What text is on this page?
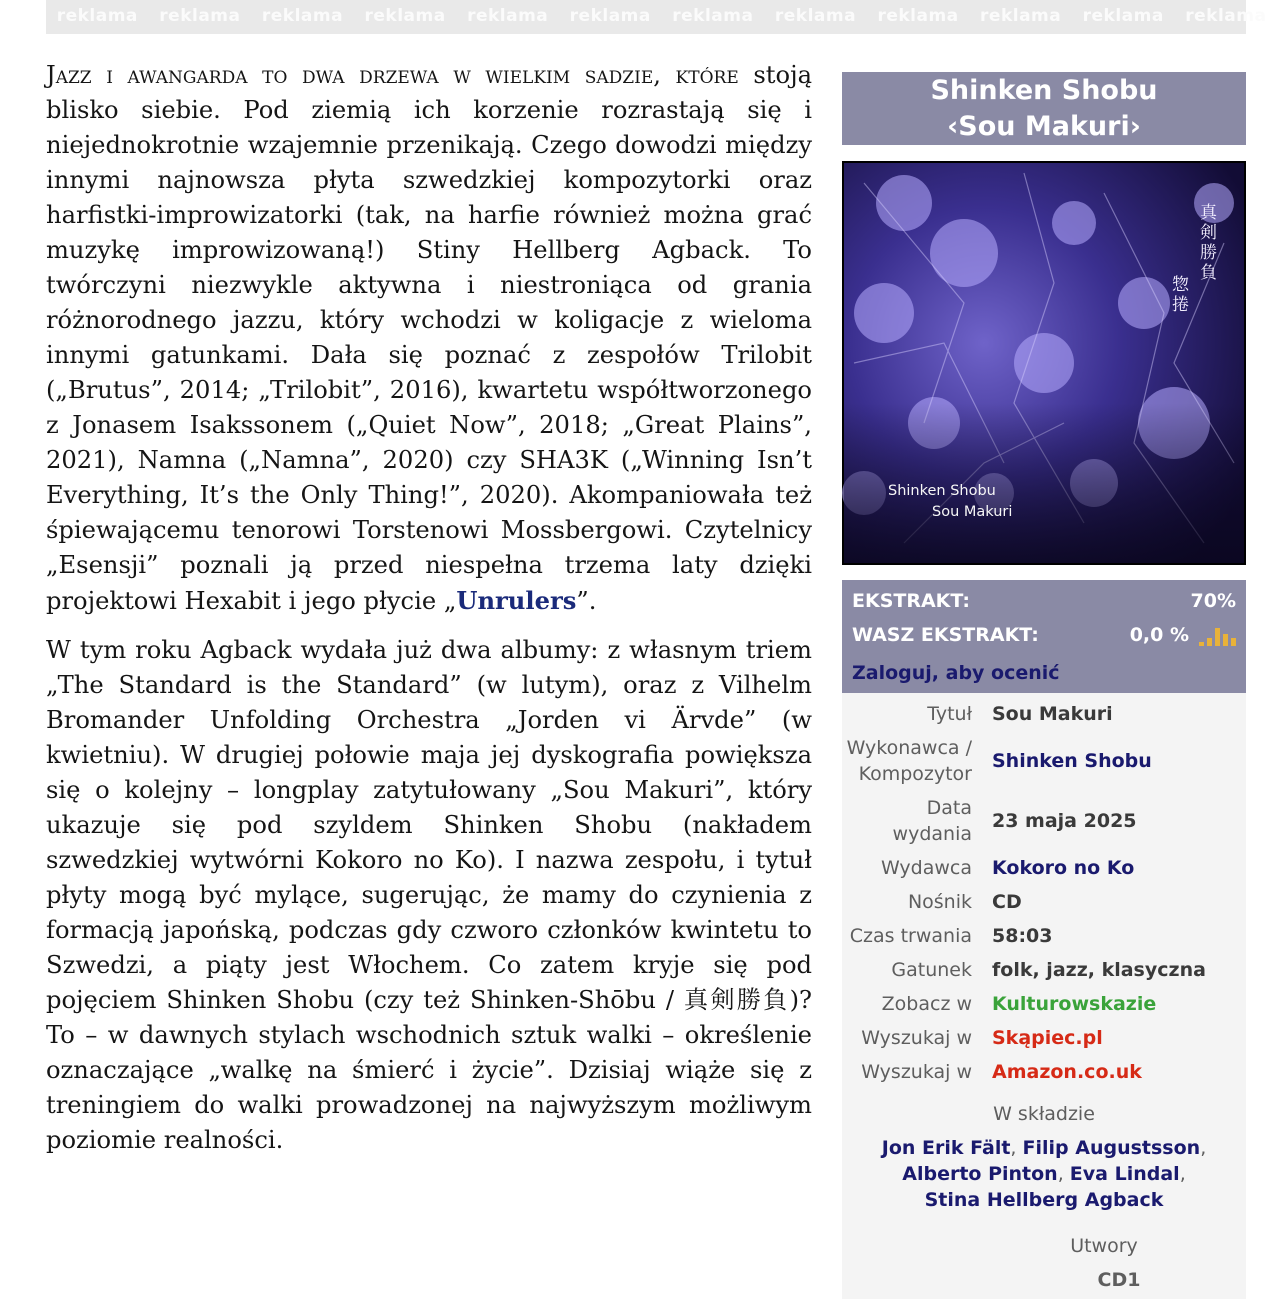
reklama reklama reklama reklama reklama reklama reklama reklama reklama reklama reklama reklama

Jazz i awangarda to dwa drzewa w wielkim sadzie, które stoją blisko siebie. Pod ziemią ich korzenie rozrastają się i niejednokrotnie wzajemnie przenikają. Czego dowodzi między innymi najnowsza płyta szwedzkiej kompozytorki oraz harfistki-improwizatorki (tak, na harfie również można grać muzykę improwizowaną!) Stiny Hellberg Agback. To twórczyni niezwykle aktywna i niestroniąca od grania różnorodnego jazzu, który wchodzi w koligacje z wieloma innymi gatunkami. Dała się poznać z zespołów Trilobit („Brutus”, 2014; „Trilobit”, 2016), kwartetu współtworzonego z Jonasem Isakssonem („Quiet Now”, 2018; „Great Plains”, 2021), Namna („Namna”, 2020) czy SHA3K („Winning Isn’t Everything, It’s the Only Thing!”, 2020). Akompaniowała też śpiewającemu tenorowi Torstenowi Mossbergowi. Czytelnicy „Esensji” poznali ją przed niespełna trzema laty dzięki projektowi Hexabit i jego płycie „Unrulers”.

W tym roku Agback wydała już dwa albumy: z własnym triem „The Standard is the Standard” (w lutym), oraz z Vilhelm Bromander Unfolding Orchestra „Jorden vi Ärvde” (w kwietniu). W drugiej połowie maja jej dyskografia powiększa się o kolejny – longplay zatytułowany „Sou Makuri”, który ukazuje się pod szyldem Shinken Shobu (nakładem szwedzkiej wytwórni Kokoro no Ko). I nazwa zespołu, i tytuł płyty mogą być mylące, sugerując, że mamy do czynienia z formacją japońską, podczas gdy czworo członków kwintetu to Szwedzi, a piąty jest Włochem. Co zatem kryje się pod pojęciem Shinken Shobu (czy też Shinken-Shōbu / 真剣勝負)? To – w dawnych stylach wschodnich sztuk walki – określenie oznaczające „walkę na śmierć i życie”. Dzisiaj wiąże się z treningiem do walki prowadzonej na najwyższym możliwym poziomie realności.

Shinken Shobu
‹Sou Makuri›
真剣勝負
惣捲
Shinken Shobu
Sou Makuri
EKSTRAKT:	70%
WASZ EKSTRAKT:	0,0 %
Zaloguj, aby ocenić
Tytuł	Sou Makuri
Wykonawca / Kompozytor	Shinken Shobu
Data wydania	23 maja 2025
Wydawca	Kokoro no Ko
Nośnik	CD
Czas trwania	58:03
Gatunek	folk, jazz, klasyczna
Zobacz w	Kulturowskazie
Wyszukaj w	Skąpiec.pl
Wyszukaj w	Amazon.co.uk
W składzie
Jon Erik Fält, Filip Augustsson, Alberto Pinton, Eva Lindal, Stina Hellberg Agback
Utwory
CD1
